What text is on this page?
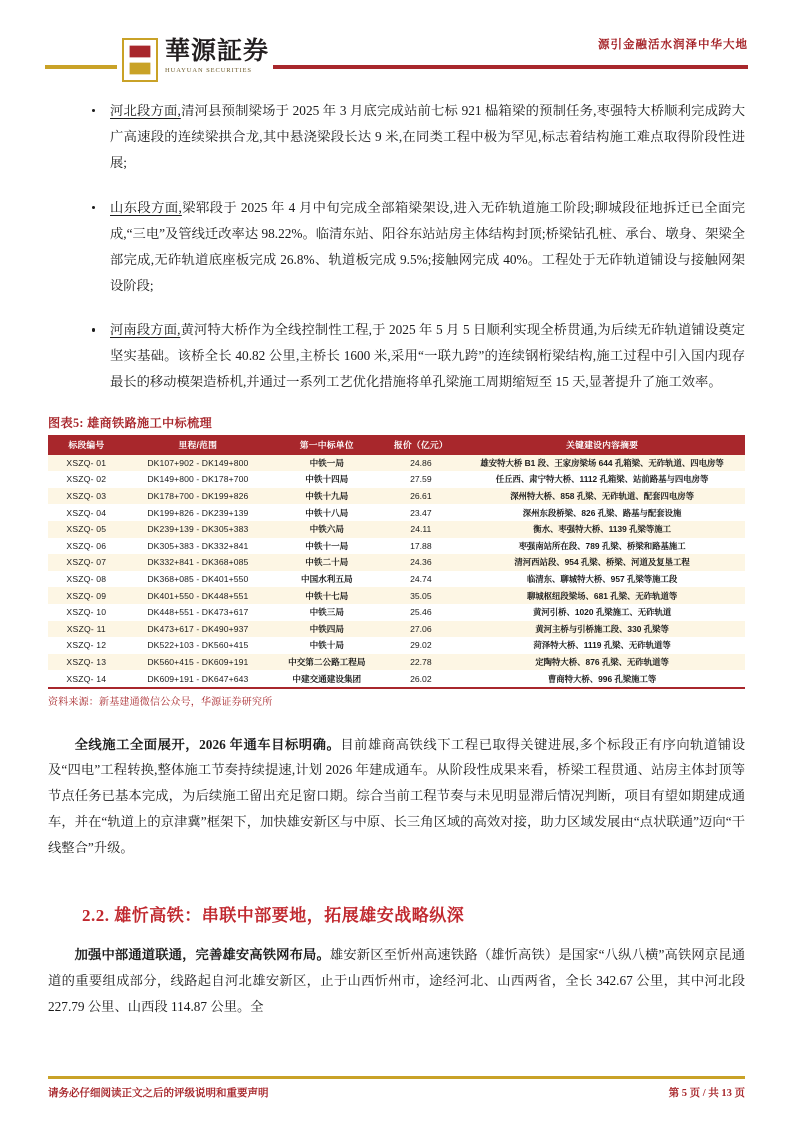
源引金融活水润泽中华大地
華源証券
HUAYUAN SECURITIES
河北段方面,清河县预制梁场于 2025 年 3 月底完成站前七标 921 榀箱梁的预制任务,枣强特大桥顺利完成跨大广高速段的连续梁拱合龙,其中悬浇梁段长达 9 米,在同类工程中极为罕见,标志着结构施工难点取得阶段性进展;
山东段方面,梁郓段于 2025 年 4 月中旬完成全部箱梁架设,进入无砟轨道施工阶段;聊城段征地拆迁已全面完成,“三电”及管线迁改率达 98.22%。临清东站、阳谷东站站房主体结构封顶;桥梁钻孔桩、承台、墩身、架梁全部完成,无砟轨道底座板完成 26.8%、轨道板完成 9.5%;接触网完成 40%。工程处于无砟轨道铺设与接触网架设阶段;
河南段方面,黄河特大桥作为全线控制性工程,于 2025 年 5 月 5 日顺利实现全桥贯通,为后续无砟轨道铺设奠定坚实基础。该桥全长 40.82 公里,主桥长 1600 米,采用“一联九跨”的连续钢桁梁结构,施工过程中引入国内现存最长的移动模架造桥机,并通过一系列工艺优化措施将单孔梁施工周期缩短至 15 天,显著提升了施工效率。
图表5: 雄商铁路施工中标梳理
标段编号	里程/范围	第一中标单位	报价（亿元）	关键建设内容摘要
XSZQ- 01	DK107+902 - DK149+800	中铁一局	24.86	雄安特大桥 B1 段、王家房梁场 644 孔箱梁、无砟轨道、四电房等
XSZQ- 02	DK149+800 - DK178+700	中铁十四局	27.59	任丘西、肃宁特大桥、1112 孔箱梁、站前路基与四电房等
XSZQ- 03	DK178+700 - DK199+826	中铁十九局	26.61	深州特大桥、858 孔梁、无砟轨道、配套四电房等
XSZQ- 04	DK199+826 - DK239+139	中铁十八局	23.47	深州东段桥梁、826 孔梁、路基与配套设施
XSZQ- 05	DK239+139 - DK305+383	中铁六局	24.11	衡水、枣强特大桥、1139 孔梁等施工
XSZQ- 06	DK305+383 - DK332+841	中铁十一局	17.88	枣强南站所在段、789 孔梁、桥梁和路基施工
XSZQ- 07	DK332+841 - DK368+085	中铁二十局	24.36	清河西站段、954 孔梁、桥梁、河道及复垦工程
XSZQ- 08	DK368+085 - DK401+550	中国水利五局	24.74	临清东、聊城特大桥、957 孔梁等施工段
XSZQ- 09	DK401+550 - DK448+551	中铁十七局	35.05	聊城枢纽段梁场、681 孔梁、无砟轨道等
XSZQ- 10	DK448+551 - DK473+617	中铁三局	25.46	黄河引桥、1020 孔梁施工、无砟轨道
XSZQ- 11	DK473+617 - DK490+937	中铁四局	27.06	黄河主桥与引桥施工段、330 孔梁等
XSZQ- 12	DK522+103 - DK560+415	中铁十局	29.02	菏泽特大桥、1119 孔梁、无砟轨道等
XSZQ- 13	DK560+415 - DK609+191	中交第二公路工程局	22.78	定陶特大桥、876 孔梁、无砟轨道等
XSZQ- 14	DK609+191 - DK647+643	中建交通建设集团	26.02	曹商特大桥、996 孔梁施工等
资料来源：新基建通微信公众号，华源证券研究所

全线施工全面展开，2026 年通车目标明确。目前雄商高铁线下工程已取得关键进展,多个标段正有序向轨道铺设及“四电”工程转换,整体施工节奏持续提速,计划 2026 年建成通车。从阶段性成果来看，桥梁工程贯通、站房主体封顶等节点任务已基本完成，为后续施工留出充足窗口期。综合当前工程节奏与未见明显滞后情况判断，项目有望如期建成通车，并在“轨道上的京津冀”框架下，加快雄安新区与中原、长三角区域的高效对接，助力区域发展由“点状联通”迈向“干线整合”升级。

2.2. 雄忻高铁：串联中部要地，拓展雄安战略纵深

加强中部通道联通，完善雄安高铁网布局。雄安新区至忻州高速铁路（雄忻高铁）是国家“八纵八横”高铁网京昆通道的重要组成部分，线路起自河北雄安新区，止于山西忻州市，途经河北、山西两省，全长 342.67 公里，其中河北段 227.79 公里、山西段 114.87 公里。全

请务必仔细阅读正文之后的评级说明和重要声明	第 5 页 / 共 13 页
